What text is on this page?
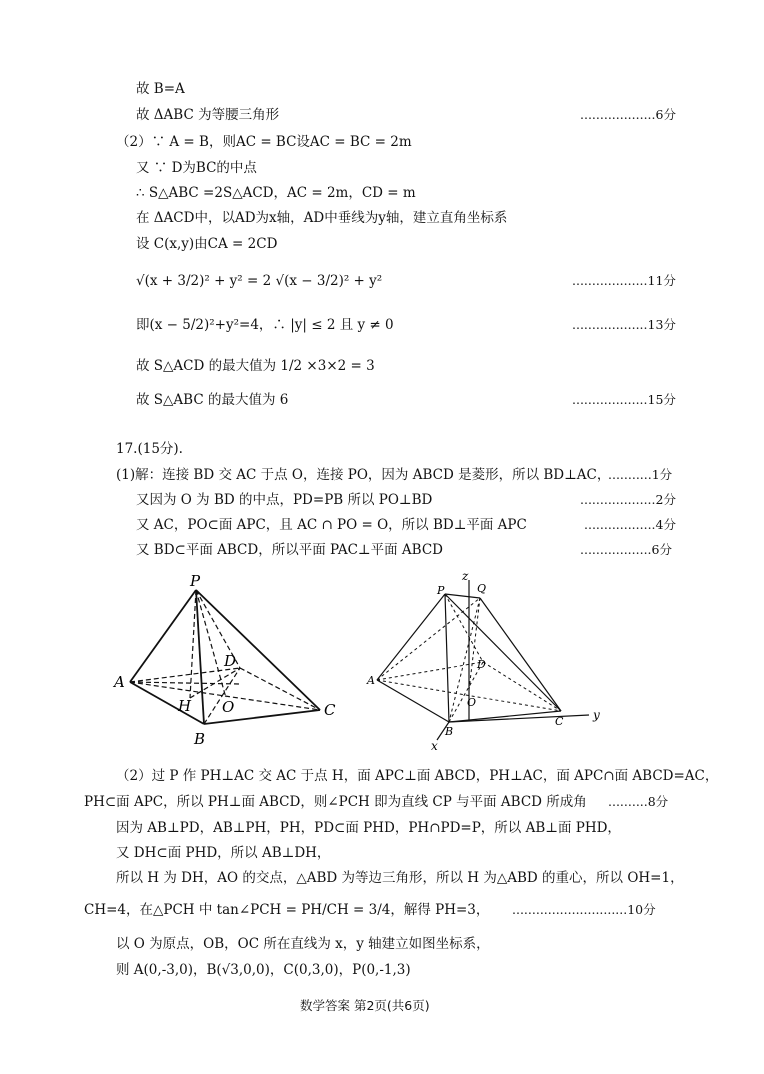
故 B=A
故 ΔABC 为等腰三角形	...................6分
（2）∵ A = B，则AC = BC设AC = BC = 2m
又 ∵ D为BC的中点
∴ S△ABC =2S△ACD，AC = 2m，CD = m
在 ΔACD中，以AD为x轴，AD中垂线为y轴，建立直角坐标系
设 C(x,y)由CA = 2CD
√(x + 3/2)² + y² = 2 √(x − 3/2)² + y²	...................11分
即(x − 5/2)²+y²=4，∴ |y| ≤ 2 且 y ≠ 0	...................13分
故 S△ACD 的最大值为 1/2 ×3×2 = 3
故 S△ABC 的最大值为 6	...................15分
17.(15分).
(1)解：连接 BD 交 AC 于点 O，连接 PO，因为 ABCD 是菱形，所以 BD⊥AC，
...........1分
又因为 O 为 BD 的中点，PD=PB 所以 PO⊥BD	...................2分
又 AC，PO⊂面 APC，且 AC ∩ PO = O，所以 BD⊥平面 APC	..................4分
又 BD⊂平面 ABCD，所以平面 PAC⊥平面 ABCD	..................6分
P
A
B
C
D
H O
z
y
x
P	Q
A
B
C
D
O
（2）过 P 作 PH⊥AC 交 AC 于点 H，面 APC⊥面 ABCD，PH⊥AC，面 APC∩面 ABCD=AC，
PH⊂面 APC，所以 PH⊥面 ABCD，则∠PCH 即为直线 CP 与平面 ABCD 所成角 ..........8分
因为 AB⊥PD，AB⊥PH，PH，PD⊂面 PHD，PH∩PD=P，所以 AB⊥面 PHD，
又 DH⊂面 PHD，所以 AB⊥DH，
所以 H 为 DH，AO 的交点，△ABD 为等边三角形，所以 H 为△ABD 的重心，所以 OH=1，
CH=4，在△PCH 中 tan∠PCH = PH/CH = 3/4，解得 PH=3， .............................10分
以 O 为原点，OB，OC 所在直线为 x，y 轴建立如图坐标系，
则 A(0,-3,0)，B(√3,0,0)，C(0,3,0)，P(0,-1,3)
数学答案 第2页(共6页)
